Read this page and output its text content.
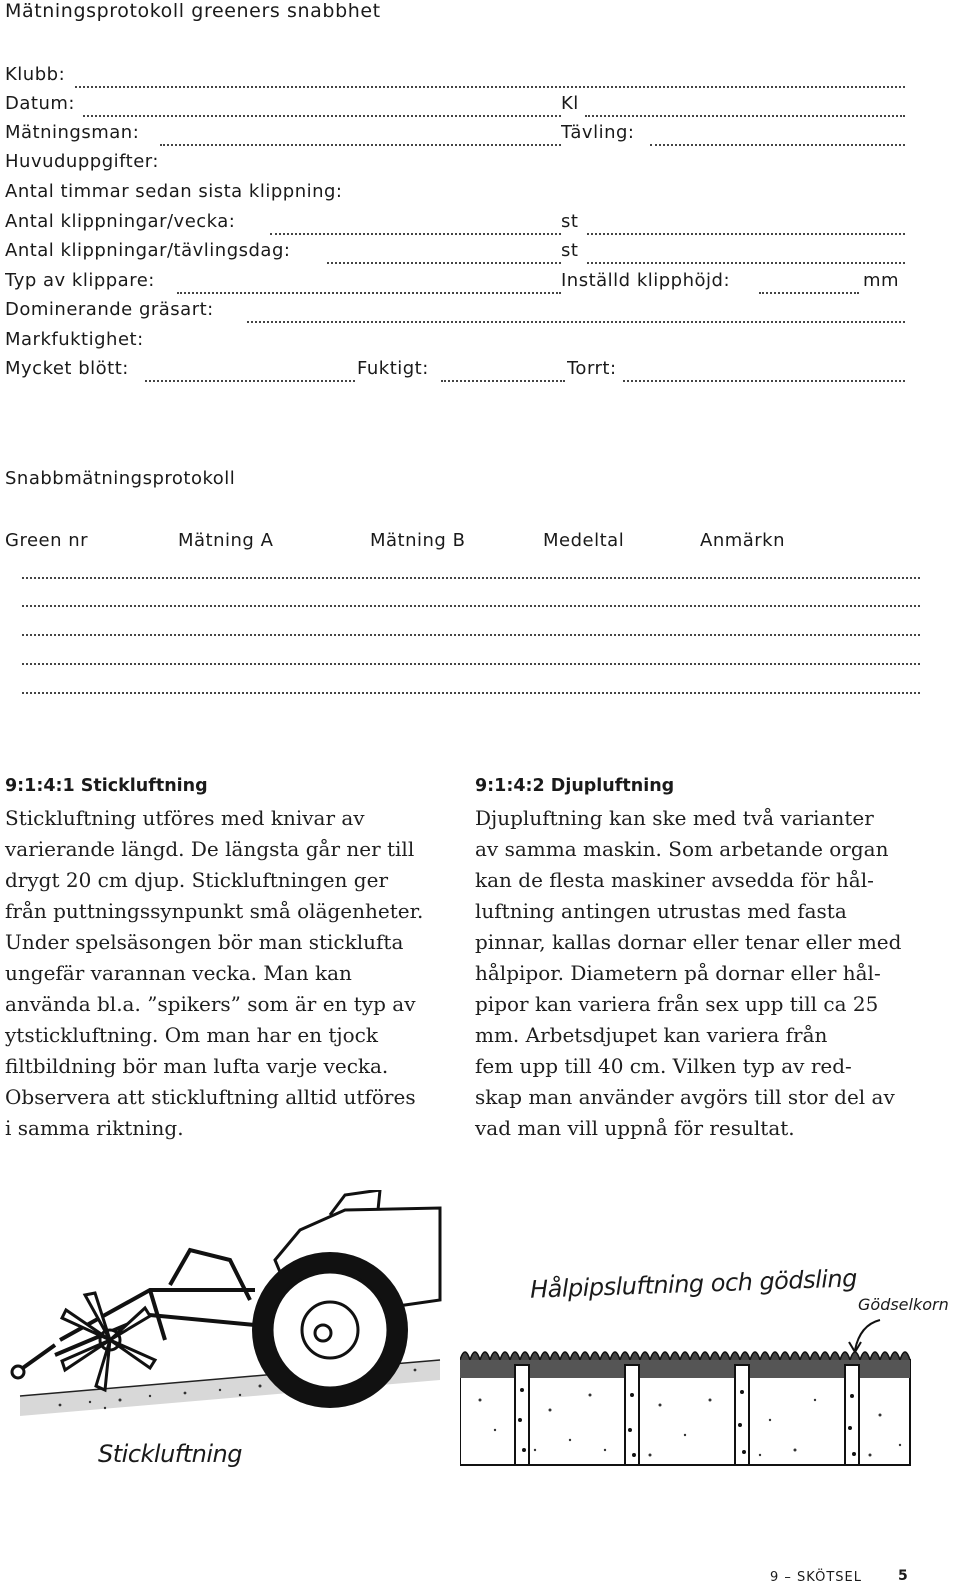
Mätningsprotokoll greeners snabbhet
Klubb:
Datum:	Kl
Mätningsman:	Tävling:
Huvuduppgifter:
Antal timmar sedan sista klippning:
Antal klippningar/vecka:	st
Antal klippningar/tävlingsdag:	st
Typ av klippare:	Inställd klipphöjd:	mm
Dominerande gräsart:
Markfuktighet:
Mycket blött:	Fuktigt:	Torrt:
Snabbmätningsprotokoll
Green nr	Mätning A	Mätning B	Medeltal	Anmärkn
9:1:4:1 Stickluftning
Stickluftning utföres med knivar av
varierande längd. De längsta går ner till
drygt 20 cm djup. Stickluftningen ger
från puttningssynpunkt små olägenheter.
Under spelsäsongen bör man sticklufta
ungefär varannan vecka. Man kan
använda bl.a. ”spikers” som är en typ av
ytstickluftning. Om man har en tjock
filtbildning bör man lufta varje vecka.
Observera att stickluftning alltid utföres
i samma riktning.
9:1:4:2 Djupluftning
Djupluftning kan ske med två varianter
av samma maskin. Som arbetande organ
kan de flesta maskiner avsedda för hål-
luftning antingen utrustas med fasta
pinnar, kallas dornar eller tenar eller med
hålpipor. Diametern på dornar eller hål-
pipor kan variera från sex upp till ca 25
mm. Arbetsdjupet kan variera från
fem upp till 40 cm. Vilken typ av red-
skap man använder avgörs till stor del av
vad man vill uppnå för resultat.
Stickluftning
Hålpipsluftning och gödsling
Gödselkorn
9 – SKÖTSEL	5
